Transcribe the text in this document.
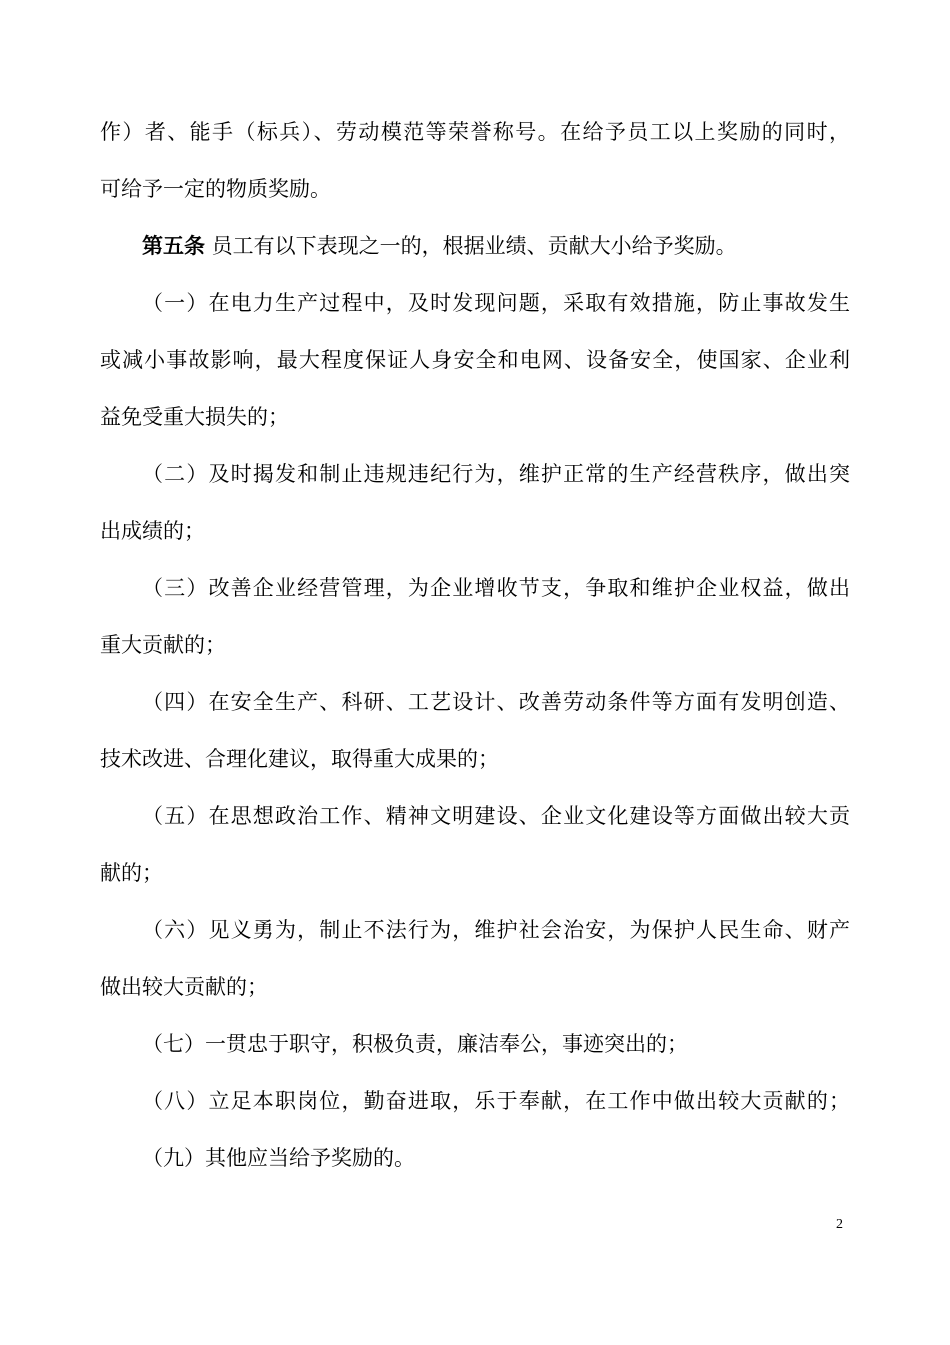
作）者、能手（标兵）、劳动模范等荣誉称号。在给予员工以上奖励的同时，
可给予一定的物质奖励。
第五条 员工有以下表现之一的，根据业绩、贡献大小给予奖励。
（一）在电力生产过程中，及时发现问题，采取有效措施，防止事故发生
或减小事故影响，最大程度保证人身安全和电网、设备安全，使国家、企业利
益免受重大损失的；
（二）及时揭发和制止违规违纪行为，维护正常的生产经营秩序，做出突
出成绩的；
（三）改善企业经营管理，为企业增收节支，争取和维护企业权益，做出
重大贡献的；
（四）在安全生产、科研、工艺设计、改善劳动条件等方面有发明创造、
技术改进、合理化建议，取得重大成果的；
（五）在思想政治工作、精神文明建设、企业文化建设等方面做出较大贡
献的；
（六）见义勇为，制止不法行为，维护社会治安，为保护人民生命、财产
做出较大贡献的；
（七）一贯忠于职守，积极负责，廉洁奉公，事迹突出的；
（八）立足本职岗位，勤奋进取，乐于奉献，在工作中做出较大贡献的；
（九）其他应当给予奖励的。
2
